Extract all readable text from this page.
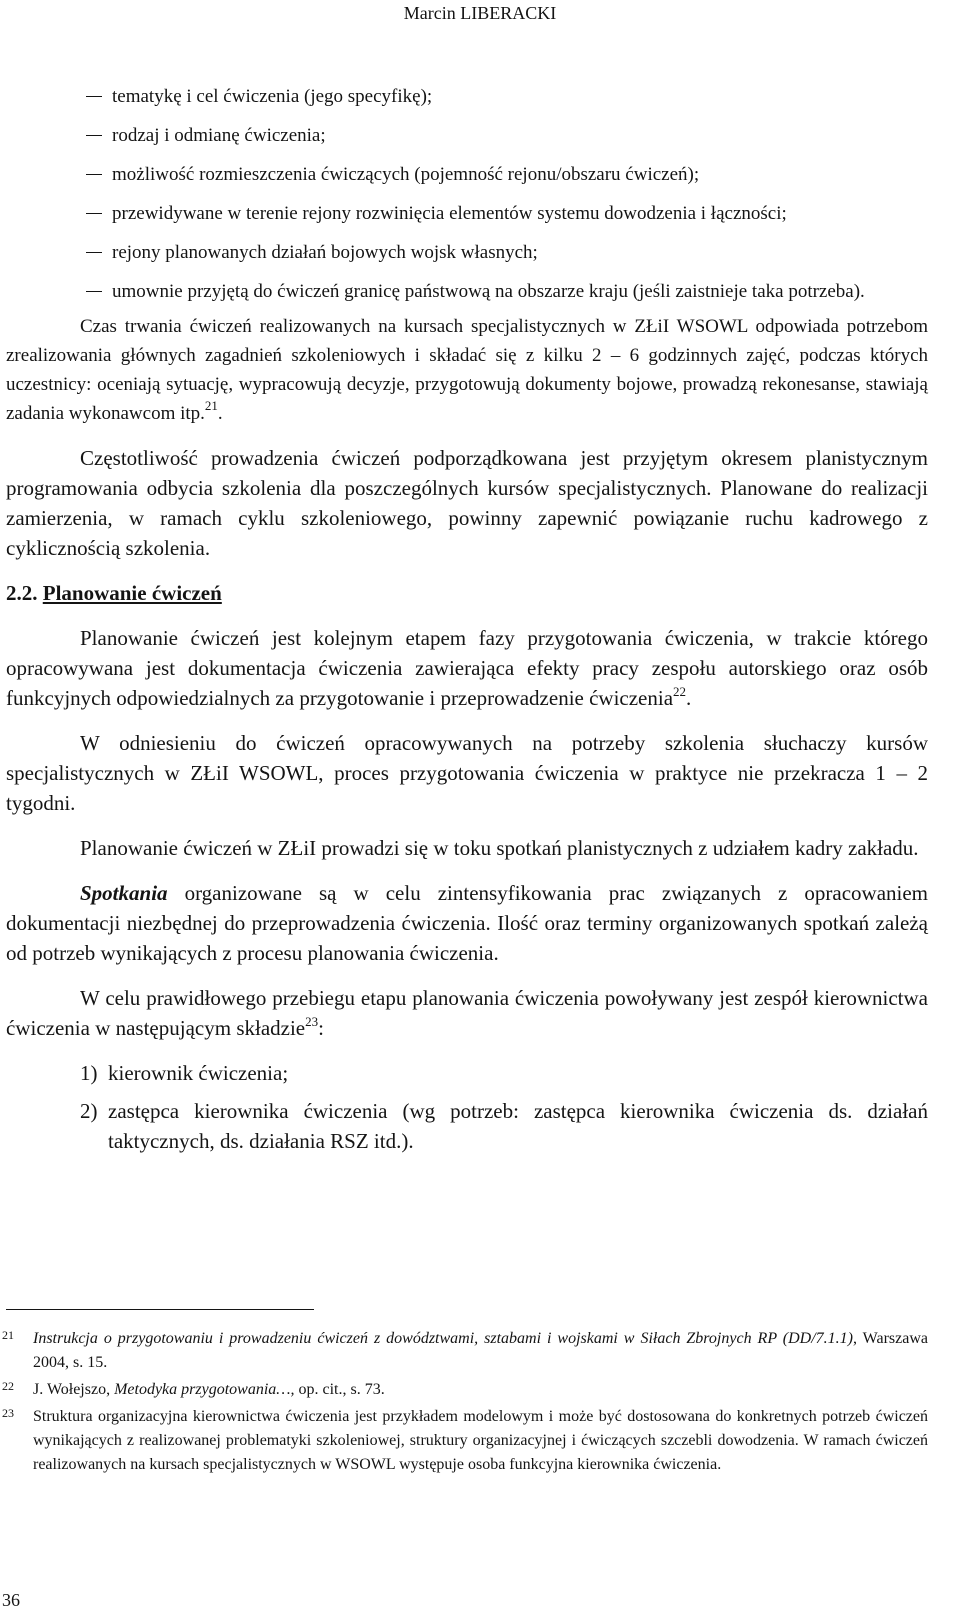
Marcin LIBERACKI
tematykę i cel ćwiczenia (jego specyfikę);
rodzaj i odmianę ćwiczenia;
możliwość rozmieszczenia ćwiczących (pojemność rejonu/obszaru ćwiczeń);
przewidywane w terenie rejony rozwinięcia elementów systemu dowodzenia i łączności;
rejony planowanych działań bojowych wojsk własnych;
umownie przyjętą do ćwiczeń granicę państwową na obszarze kraju (jeśli zaistnieje taka potrzeba).

Czas trwania ćwiczeń realizowanych na kursach specjalistycznych w ZŁiI WSOWL odpowiada potrzebom zrealizowania głównych zagadnień szkoleniowych i składać się z kilku 2 – 6 godzinnych zajęć, podczas których uczestnicy: oceniają sytuację, wypracowują decyzje, przygotowują dokumenty bojowe, prowadzą rekonesanse, stawiają zadania wykonawcom itp.$^{21}$.

Częstotliwość prowadzenia ćwiczeń podporządkowana jest przyjętym okresem planistycznym programowania odbycia szkolenia dla poszczególnych kursów specjalistycznych. Planowane do realizacji zamierzenia, w ramach cyklu szkoleniowego, powinny zapewnić powiązanie ruchu kadrowego z cyklicznością szkolenia.

2.2. Planowanie ćwiczeń

Planowanie ćwiczeń jest kolejnym etapem fazy przygotowania ćwiczenia, w trakcie którego opracowywana jest dokumentacja ćwiczenia zawierająca efekty pracy zespołu autorskiego oraz osób funkcyjnych odpowiedzialnych za przygotowanie i przeprowadzenie ćwiczenia$^{22}$.

W odniesieniu do ćwiczeń opracowywanych na potrzeby szkolenia słuchaczy kursów specjalistycznych w ZŁiI WSOWL, proces przygotowania ćwiczenia w praktyce nie przekracza 1 – 2 tygodni.

Planowanie ćwiczeń w ZŁiI prowadzi się w toku spotkań planistycznych z udziałem kadry zakładu.

Spotkania organizowane są w celu zintensyfikowania prac związanych z opracowaniem dokumentacji niezbędnej do przeprowadzenia ćwiczenia. Ilość oraz terminy organizowanych spotkań zależą od potrzeb wynikających z procesu planowania ćwiczenia.

W celu prawidłowego przebiegu etapu planowania ćwiczenia powoływany jest zespół kierownictwa ćwiczenia w następującym składzie$^{23}$:

1) kierownik ćwiczenia;
2) zastępca kierownika ćwiczenia (wg potrzeb: zastępca kierownika ćwiczenia ds. działań taktycznych, ds. działania RSZ itd.).
21 Instrukcja o przygotowaniu i prowadzeniu ćwiczeń z dowództwami, sztabami i wojskami w Siłach Zbrojnych RP (DD/7.1.1), Warszawa 2004, s. 15.
22 J. Wołejszo, Metodyka przygotowania…, op. cit., s. 73.
23 Struktura organizacyjna kierownictwa ćwiczenia jest przykładem modelowym i może być dostosowana do konkretnych potrzeb ćwiczeń wynikających z realizowanej problematyki szkoleniowej, struktury organizacyjnej i ćwiczących szczebli dowodzenia. W ramach ćwiczeń realizowanych na kursach specjalistycznych w WSOWL występuje osoba funkcyjna kierownika ćwiczenia.
36
